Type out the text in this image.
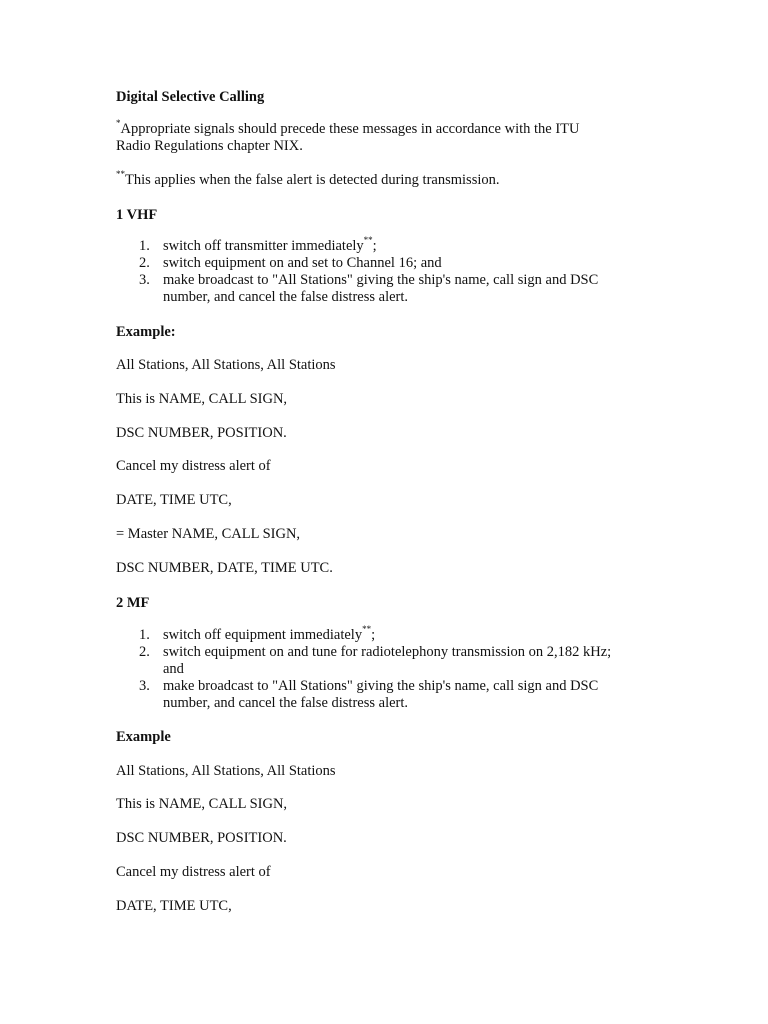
Digital Selective Calling

*Appropriate signals should precede these messages in accordance with the ITU
Radio Regulations chapter NIX.
**This applies when the false alert is detected during transmission.

1 VHF

1. switch off transmitter immediately**;
2. switch equipment on and set to Channel 16; and
3. make broadcast to "All Stations" giving the ship's name, call sign and DSC
number, and cancel the false distress alert.

Example:

All Stations, All Stations, All Stations

This is NAME, CALL SIGN,

DSC NUMBER, POSITION.

Cancel my distress alert of

DATE, TIME UTC,

= Master NAME, CALL SIGN,

DSC NUMBER, DATE, TIME UTC.

2 MF

1. switch off equipment immediately**;
2. switch equipment on and tune for radiotelephony transmission on 2,182 kHz;
and
3. make broadcast to "All Stations" giving the ship's name, call sign and DSC
number, and cancel the false distress alert.

Example

All Stations, All Stations, All Stations

This is NAME, CALL SIGN,

DSC NUMBER, POSITION.

Cancel my distress alert of

DATE, TIME UTC,
